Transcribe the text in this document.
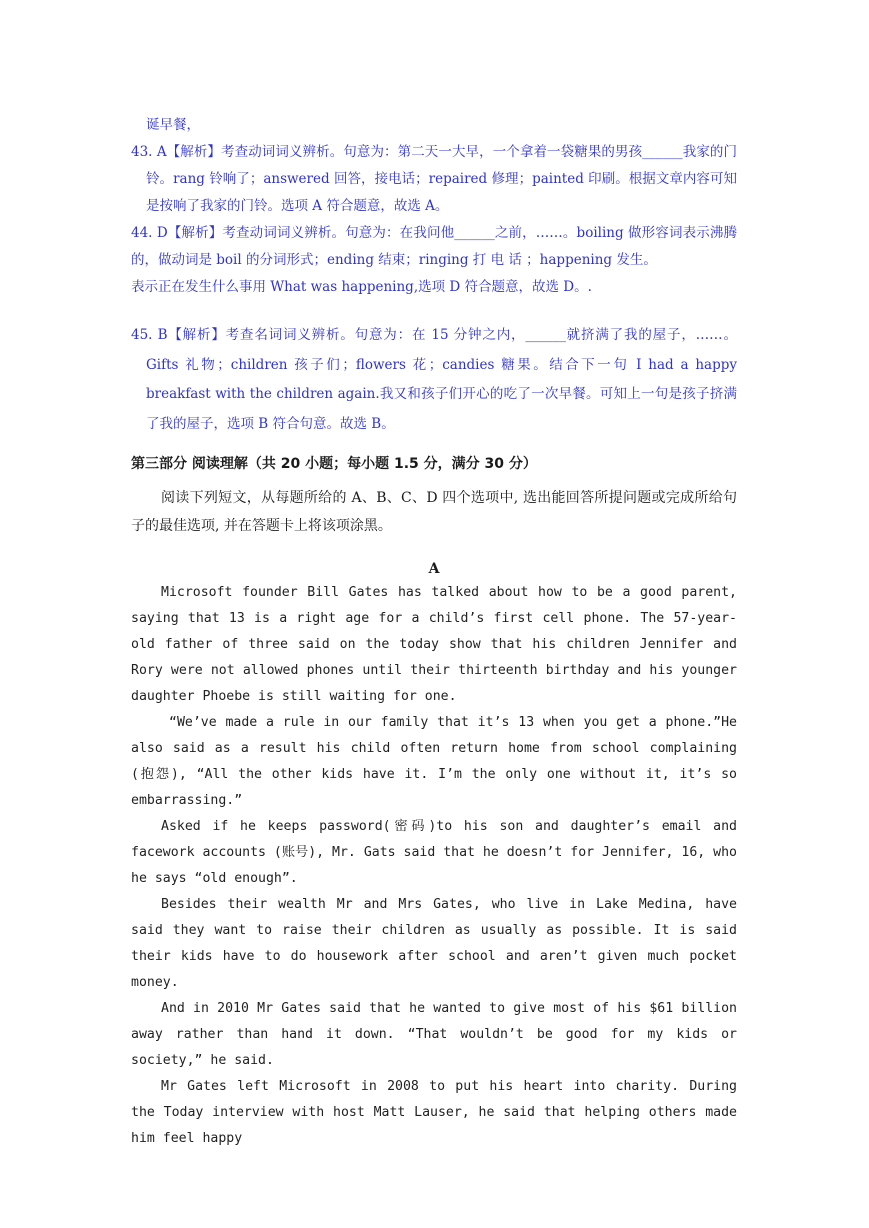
诞早餐，

43. A【解析】考查动词词义辨析。句意为：第二天一大早，一个拿着一袋糖果的男孩______我家的门铃。rang 铃响了；answered 回答，接电话；repaired 修理；painted 印刷。根据文章内容可知是按响了我家的门铃。选项 A 符合题意，故选 A。

44. D【解析】考查动词词义辨析。句意为：在我问他______之前，……。boiling 做形容词表示沸腾的，做动词是 boil 的分词形式；ending 结束；ringing 打 电 话 ；happening 发生。

表示正在发生什么事用 What was happening,选项 D 符合题意，故选 D。.

45. B【解析】考查名词词义辨析。句意为：在 15 分钟之内，______就挤满了我的屋子，……。Gifts 礼物；children 孩子们；flowers 花；candies 糖果。结合下一句 I had a happy breakfast with the children again.我又和孩子们开心的吃了一次早餐。可知上一句是孩子挤满了我的屋子，选项 B 符合句意。故选 B。

第三部分 阅读理解（共 20 小题；每小题 1.5 分，满分 30 分）

阅读下列短文，从每题所给的 A、B、C、D 四个选项中, 选出能回答所提问题或完成所给句子的最佳选项, 并在答题卡上将该项涂黑。

A

Microsoft founder Bill Gates has talked about how to be a good parent, saying that 13 is a right age for a child’s first cell phone. The 57-year-old father of three said on the today show that his children Jennifer and Rory were not allowed phones until their thirteenth birthday and his younger daughter Phoebe is still waiting for one.

“We’ve made a rule in our family that it’s 13 when you get a phone.”He also said as a result his child often return home from school complaining (抱怨), “All the other kids have it. I’m the only one without it, it’s so embarrassing.”

Asked if he keeps password(密码)to his son and daughter’s email and facework accounts (账号), Mr. Gats said that he doesn’t for Jennifer, 16, who he says “old enough”.

Besides their wealth Mr and Mrs Gates, who live in Lake Medina, have said they want to raise their children as usually as possible. It is said their kids have to do housework after school and aren’t given much pocket money.

And in 2010 Mr Gates said that he wanted to give most of his $61 billion away rather than hand it down. “That wouldn’t be good for my kids or society,” he said.

Mr Gates left Microsoft in 2008 to put his heart into charity. During the Today interview with host Matt Lauser, he said that helping others made him feel happy
